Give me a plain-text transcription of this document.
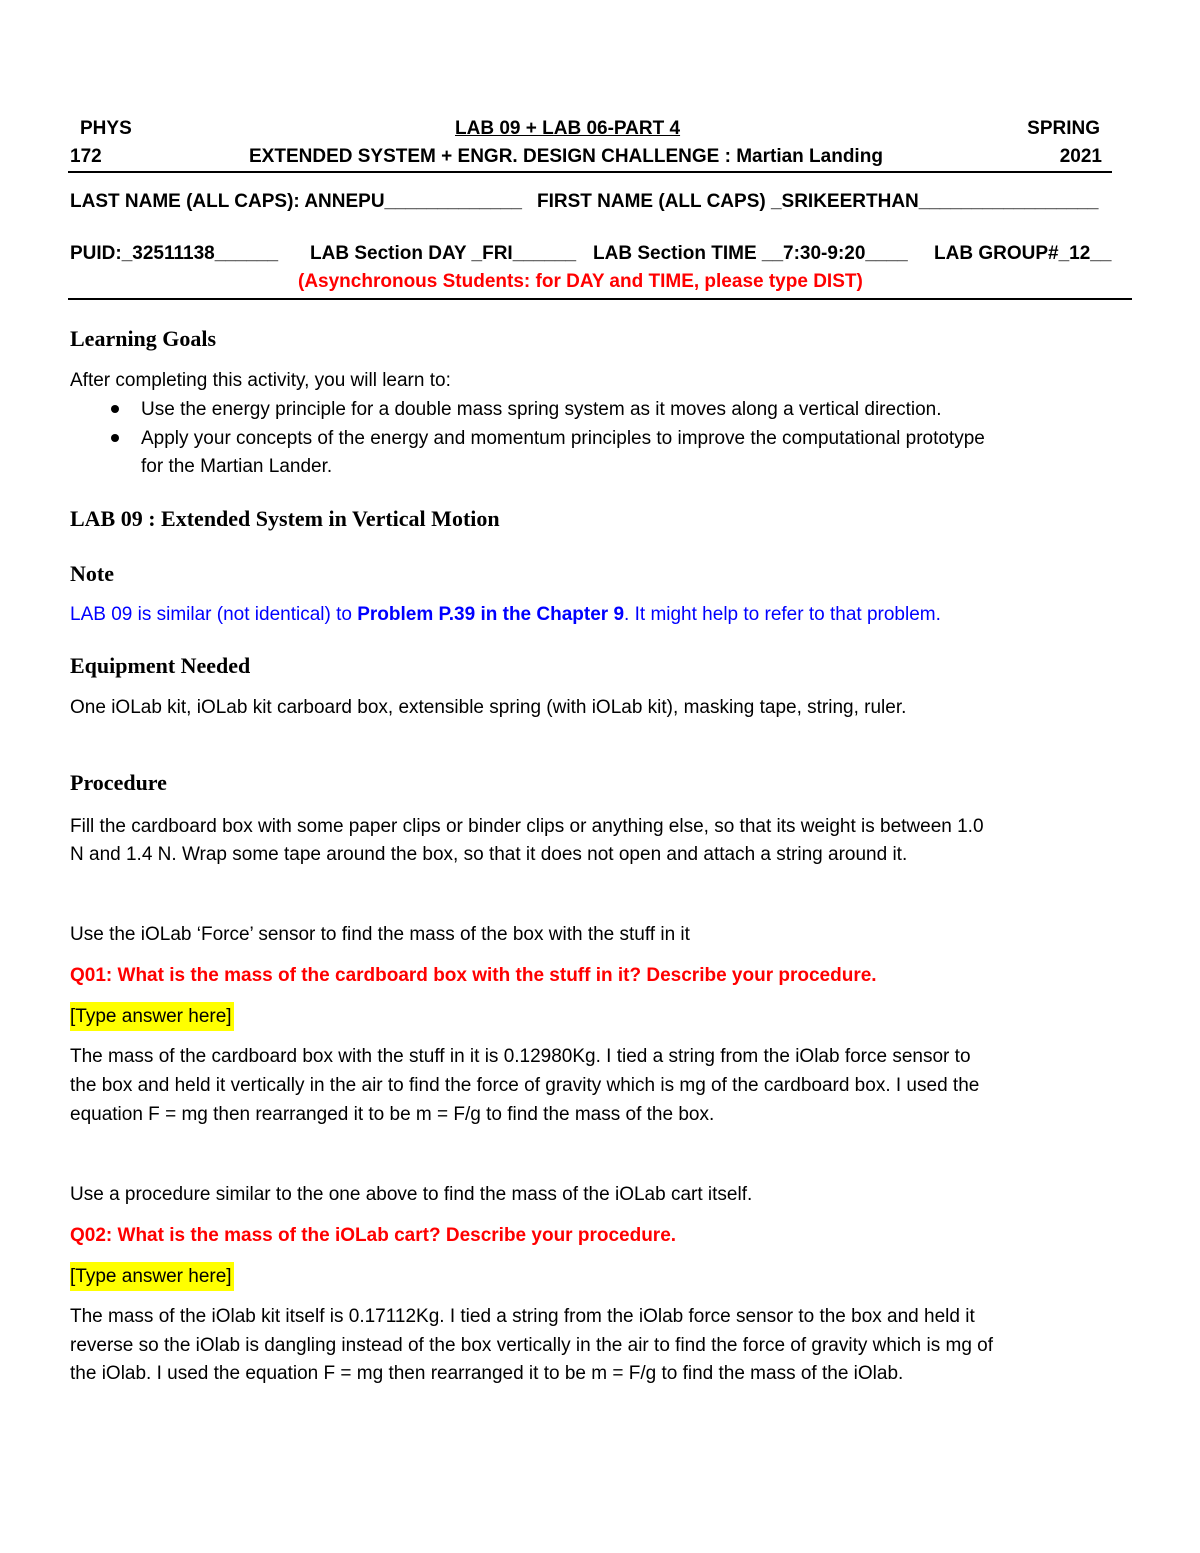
PHYS
172
LAB 09 + LAB 06-PART 4
EXTENDED SYSTEM + ENGR. DESIGN CHALLENGE : Martian Landing
SPRING
2021
LAST NAME (ALL CAPS): ANNEPU_____________ FIRST NAME (ALL CAPS) _SRIKEERTHAN_________________
PUID:_32511138______ LAB Section DAY _FRI______ LAB Section TIME __7:30-9:20____ LAB GROUP#_12__
(Asynchronous Students: for DAY and TIME, please type DIST)
Learning Goals
After completing this activity, you will learn to:
Use the energy principle for a double mass spring system as it moves along a vertical direction.
Apply your concepts of the energy and momentum principles to improve the computational prototype
for the Martian Lander.
LAB 09 : Extended System in Vertical Motion
Note
LAB 09 is similar (not identical) to Problem P.39 in the Chapter 9. It might help to refer to that problem.
Equipment Needed
One iOLab kit, iOLab kit carboard box, extensible spring (with iOLab kit), masking tape, string, ruler.
Procedure
Fill the cardboard box with some paper clips or binder clips or anything else, so that its weight is between 1.0
N and 1.4 N. Wrap some tape around the box, so that it does not open and attach a string around it.
Use the iOLab ‘Force’ sensor to find the mass of the box with the stuff in it
Q01: What is the mass of the cardboard box with the stuff in it? Describe your procedure.
[Type answer here]
The mass of the cardboard box with the stuff in it is 0.12980Kg. I tied a string from the iOlab force sensor to
the box and held it vertically in the air to find the force of gravity which is mg of the cardboard box. I used the
equation F = mg then rearranged it to be m = F/g to find the mass of the box.
Use a procedure similar to the one above to find the mass of the iOLab cart itself.
Q02: What is the mass of the iOLab cart? Describe your procedure.
[Type answer here]
The mass of the iOlab kit itself is 0.17112Kg. I tied a string from the iOlab force sensor to the box and held it
reverse so the iOlab is dangling instead of the box vertically in the air to find the force of gravity which is mg of
the iOlab. I used the equation F = mg then rearranged it to be m = F/g to find the mass of the iOlab.
